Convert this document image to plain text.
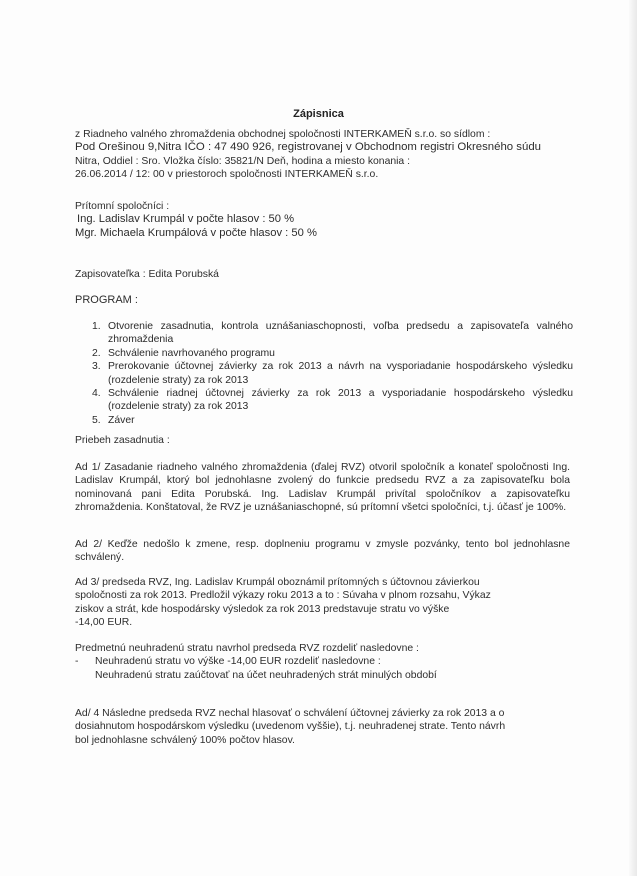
Zápisnica
z Riadneho valného zhromaždenia obchodnej spoločnosti INTERKAMEŇ s.r.o. so sídlom :
Pod Orešinou 9,Nitra IČO : 47 490 926, registrovanej v Obchodnom registri Okresného súdu
Nitra, Oddiel : Sro. Vložka číslo: 35821/N Deň, hodina a miesto konania :
26.06.2014 / 12: 00 v priestoroch spoločnosti INTERKAMEŇ s.r.o.
Prítomní spoločníci :
Ing. Ladislav Krumpál v počte hlasov : 50 %
Mgr. Michaela Krumpálová v počte hlasov : 50 %
Zapisovateľka : Edita Porubská
PROGRAM :
1. Otvorenie zasadnutia, kontrola uznášaniaschopnosti, voľba predsedu a zapisovateľa valného zhromaždenia
2. Schválenie navrhovaného programu
3. Prerokovanie účtovnej závierky za rok 2013 a návrh na vysporiadanie hospodárskeho výsledku (rozdelenie straty) za rok 2013
4. Schválenie riadnej účtovnej závierky za rok 2013 a vysporiadanie hospodárskeho výsledku (rozdelenie straty) za rok 2013
5. Záver
Priebeh zasadnutia :
Ad 1/ Zasadanie riadneho valného zhromaždenia (ďalej RVZ) otvoril spoločník a konateľ spoločnosti Ing. Ladislav Krumpál, ktorý bol jednohlasne zvolený do funkcie predsedu RVZ a za zapisovateľku bola nominovaná pani Edita Porubská. Ing. Ladislav Krumpál privítal spoločníkov a zapisovateľku zhromaždenia. Konštatoval, že RVZ je uznášaniaschopné, sú prítomní všetci spoločníci, t.j. účasť je 100%.
Ad 2/ Keďže nedošlo k zmene, resp. doplneniu programu v zmysle pozvánky, tento bol jednohlasne schválený.
Ad 3/ predseda RVZ, Ing. Ladislav Krumpál oboznámil prítomných s účtovnou závierkou
spoločnosti za rok 2013. Predložil výkazy roku 2013 a to : Súvaha v plnom rozsahu, Výkaz
ziskov a strát, kde hospodársky výsledok za rok 2013 predstavuje stratu vo výške
-14,00 EUR.
Predmetnú neuhradenú stratu navrhol predseda RVZ rozdeliť nasledovne :
- Neuhradenú stratu vo výške -14,00 EUR rozdeliť nasledovne :
Neuhradenú stratu zaúčtovať na účet neuhradených strát minulých období
Ad/ 4 Následne predseda RVZ nechal hlasovať o schválení účtovnej závierky za rok 2013 a o
dosiahnutom hospodárskom výsledku (uvedenom vyššie), t.j. neuhradenej strate. Tento návrh
bol jednohlasne schválený 100% počtov hlasov.
